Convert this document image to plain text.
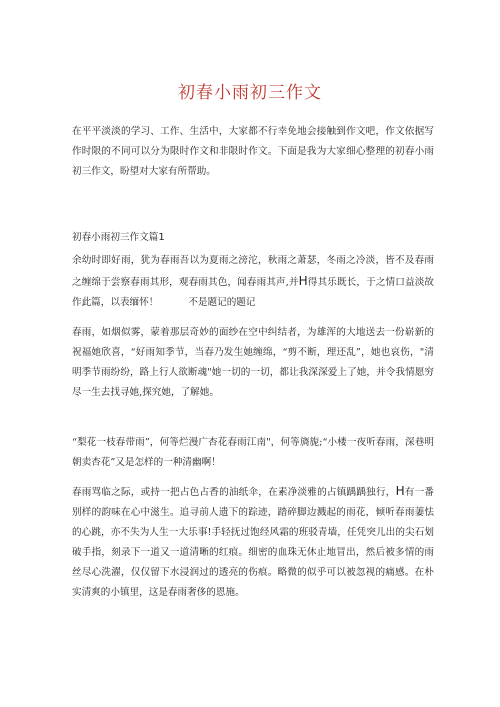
初春小雨初三作文

在平平淡淡的学习、工作、生活中，大家都不行幸免地会接触到作文吧，作文依据写作时限的不同可以分为限时作文和非限时作文。下面是我为大家细心整理的初春小雨初三作文，盼望对大家有所帮助。

初春小雨初三作文篇1

余幼时即好雨，犹为春雨吾以为夏雨之滂沱，秋雨之萧瑟，冬雨之冷淡，皆不及春雨之缠绵于尝察春雨其形，观春雨其色，闻春雨其声,并H得其乐既长，于之情口益淡故作此篇，以表缅怀！	不是题记的题记

春雨，如烟似雾，蒙着那层奇妙的面纱在空中纠结者，为雄浑的大地送去一份崭新的祝福她欣喜，“好雨知季节，当春乃发生她缠绵，“剪不断，理还乱”，她也哀伤，"清明季节雨纷纷，路上行人欲断魂"她一切的一切，都让我深深爱上了她，并令我情愿穷尽一生去找寻她,探究她，了解她。

“梨花一枝春带雨”，何等烂漫广杏花春雨江南"，何等旖旎;“小楼一夜听春雨，深巷明朝卖杏花”又是怎样的一种清幽啊！

春雨骂临之际，或持一把占色占香的油纸伞，在素净淡雅的占镇踽踽独行，H有一番别样的韵味在心中滋生。追寻前人遗下的踪迹，踏碎脚边溅起的雨花，倾听春雨萋怯的心跳，亦不失为人生一大乐事!手轻抚过饱经风霜的班驳青墙，任凭突儿出的尖石划破手指，刻录下一道又一道清晰的红痕。细密的血珠无休止地冒出，然后被多情的雨丝尽心洗濯，仅仅留下水浸润过的透亮的伤痕。略微的似乎可以被忽视的痛感。在朴实清爽的小镇里，这是春雨奢侈的恩施。
